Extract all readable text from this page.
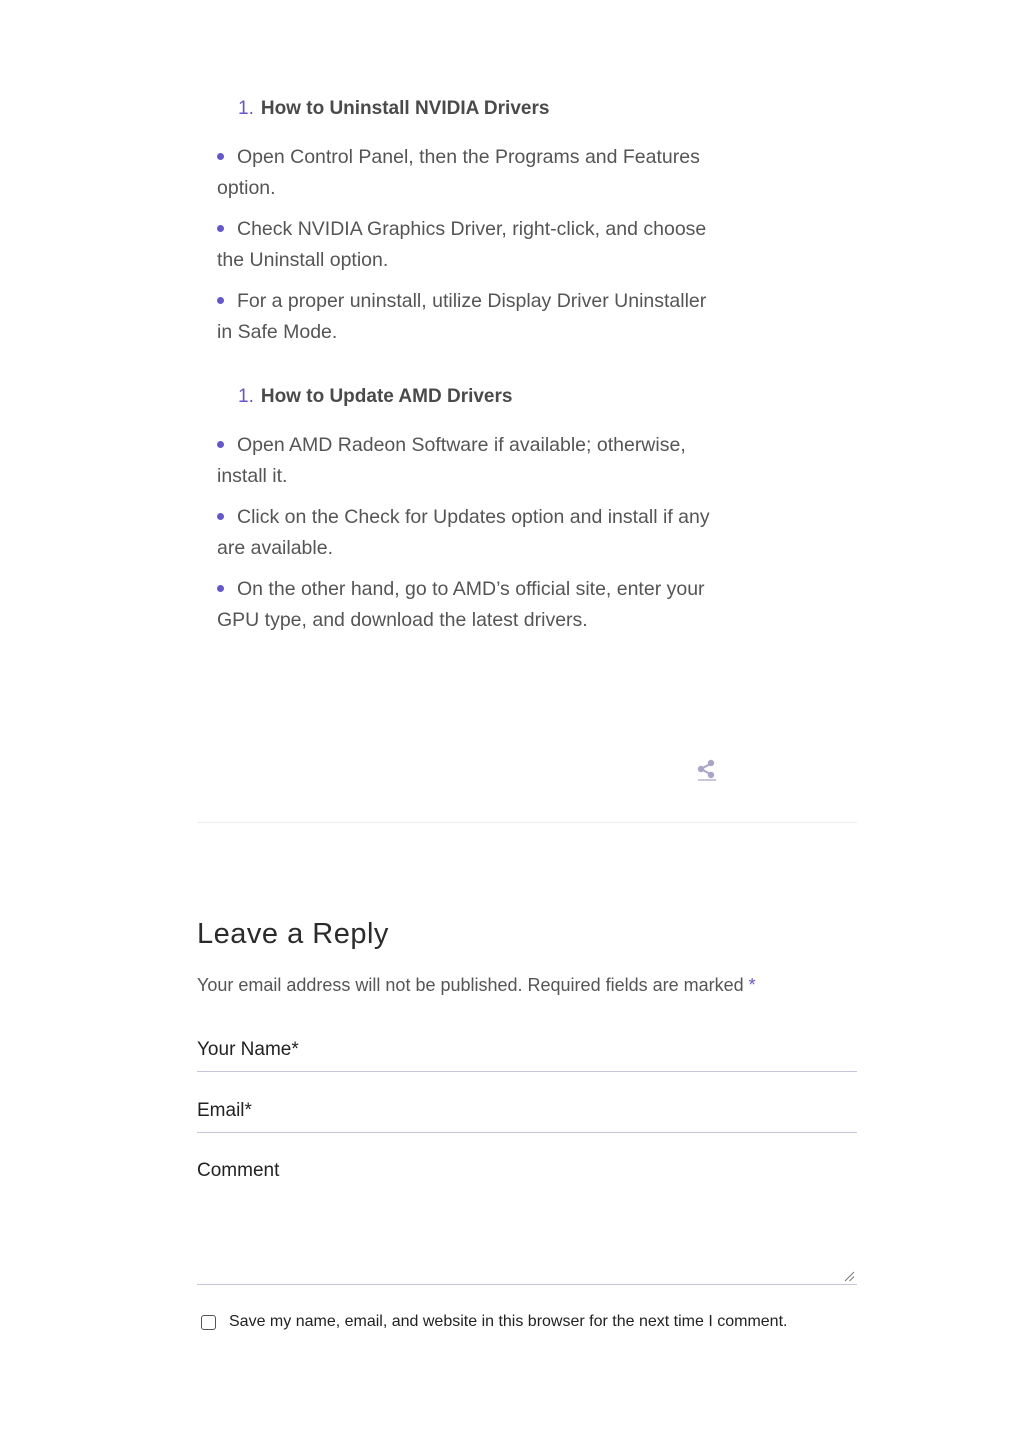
1. How to Uninstall NVIDIA Drivers
Open Control Panel, then the Programs and Features option.
Check NVIDIA Graphics Driver, right-click, and choose the Uninstall option.
For a proper uninstall, utilize Display Driver Uninstaller in Safe Mode.
1. How to Update AMD Drivers
Open AMD Radeon Software if available; otherwise, install it.
Click on the Check for Updates option and install if any are available.
On the other hand, go to AMD’s official site, enter your GPU type, and download the latest drivers.
Leave a Reply

Your email address will not be published. Required fields are marked *

Your Name*
Email*
Comment
Save my name, email, and website in this browser for the next time I comment.
